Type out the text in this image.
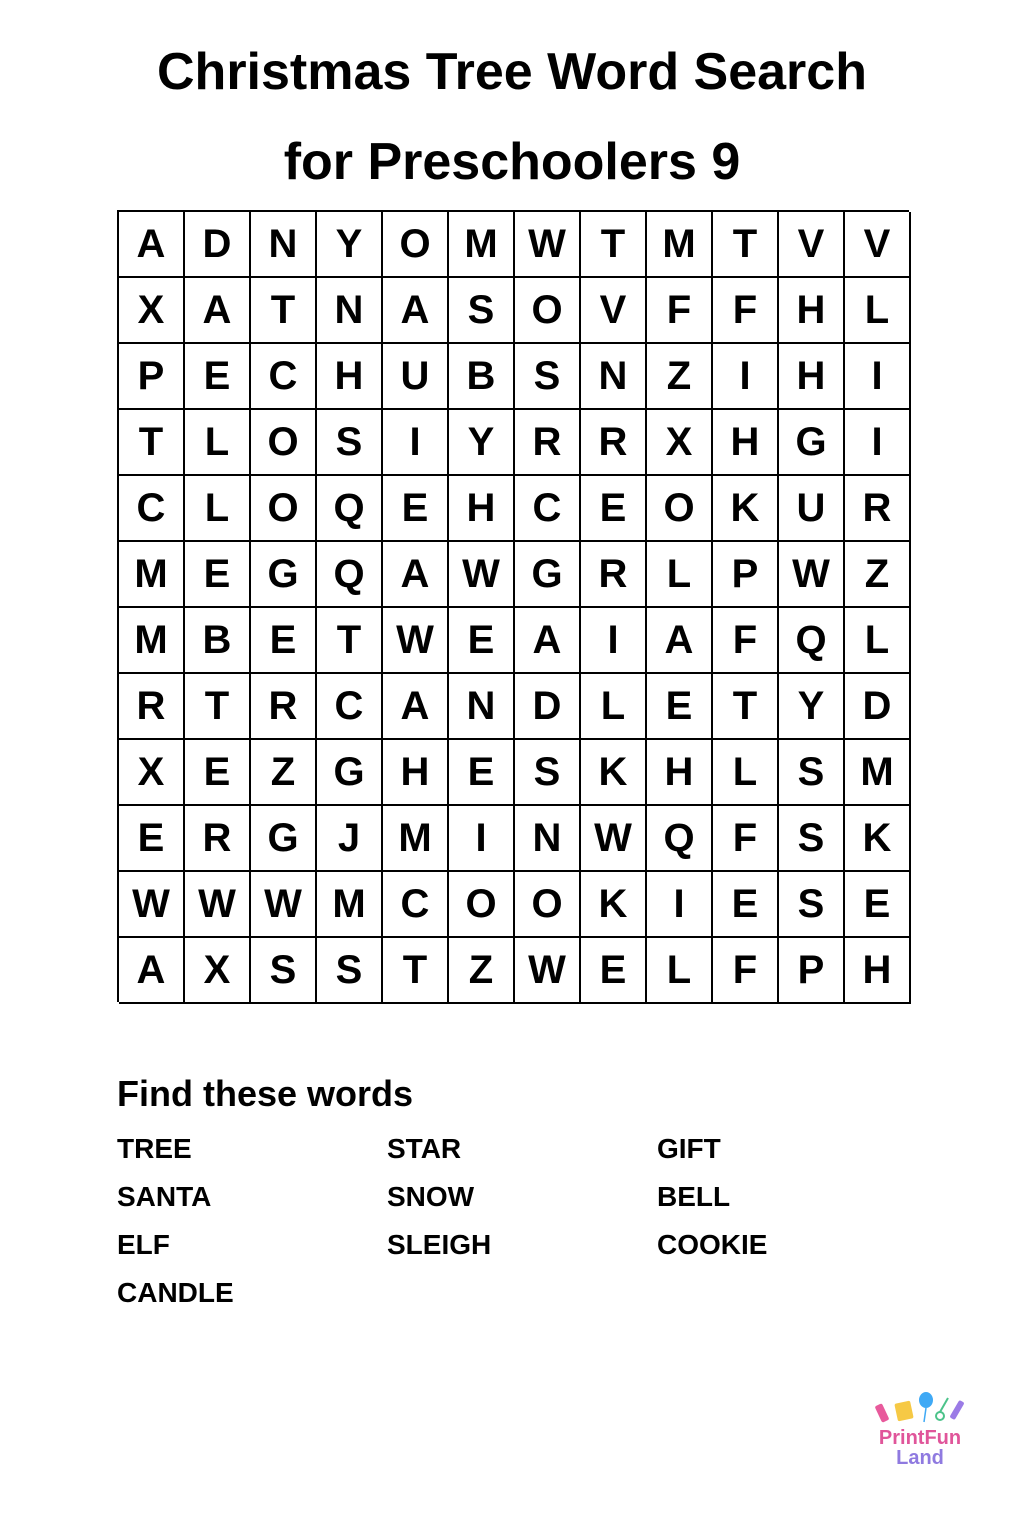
Christmas Tree Word Search
for Preschoolers 9
A D N Y O M W T M T	V V
X A T N A S O V	F	F H L
P E C H U B S N Z	I	H	I
T	L O S	I	Y R R X H G	I
C L O Q E H C E O K U R
M E G Q A W G R L	P W Z
M B E	T W E A	I	A F Q L
R T R C A N D L	E	T	Y D
X E	Z G H E S K H L	S M
E R G J M	I	N W Q F	S K
W W W M C O O K	I	E S E
A X S S	T	Z W E	L	F	P H
Find these words
TREE	STAR	GIFT
SANTA	SNOW	BELL
ELF	SLEIGH	COOKIE
CANDLE
PrintFun
Land
